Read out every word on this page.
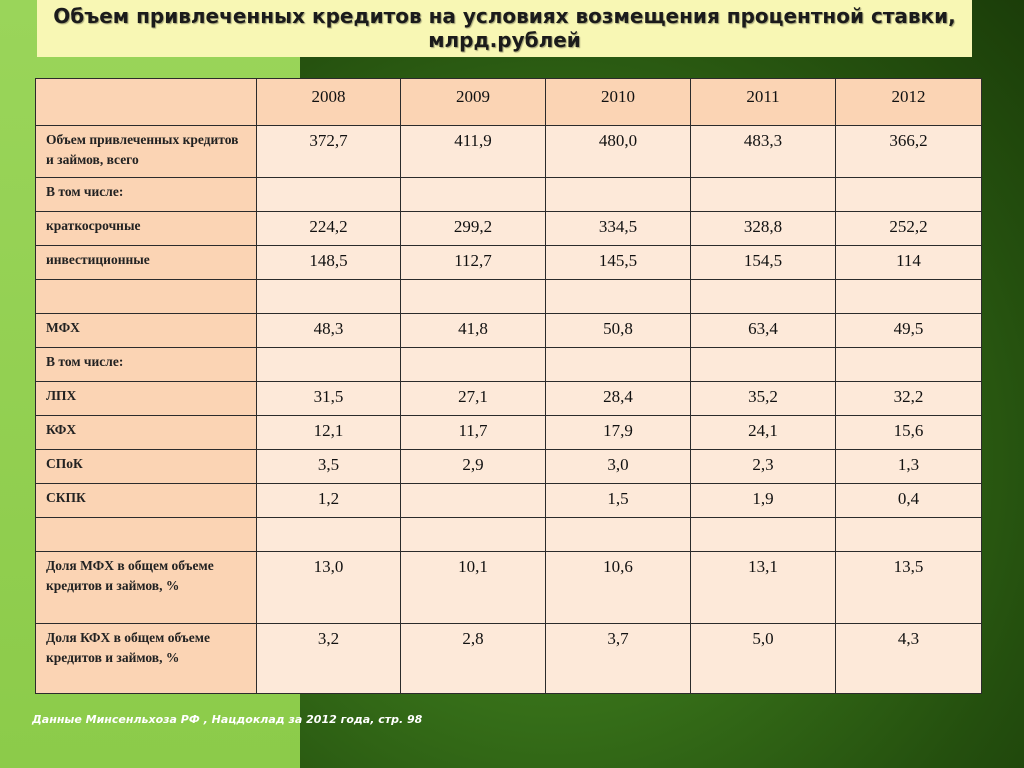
Объем привлеченных кредитов на условиях возмещения процентной ставки, млрд.рублей
	2008	2009	2010	2011	2012
Объем привлеченных кредитов и займов, всего	372,7	411,9	480,0	483,3	366,2
В том числе:					
краткосрочные	224,2	299,2	334,5	328,8	252,2
инвестиционные	148,5	112,7	145,5	154,5	114

МФХ	48,3	41,8	50,8	63,4	49,5
В том числе:					
ЛПХ	31,5	27,1	28,4	35,2	32,2
КФХ	12,1	11,7	17,9	24,1	15,6
СПоК	3,5	2,9	3,0	2,3	1,3
СКПК	1,2		1,5	1,9	0,4

Доля МФХ в общем объеме кредитов и займов, %	13,0	10,1	10,6	13,1	13,5
Доля КФХ в общем объеме кредитов и займов, %	3,2	2,8	3,7	5,0	4,3
Данные Минсенльхоза РФ , Нацдоклад за 2012 года, стр. 98
